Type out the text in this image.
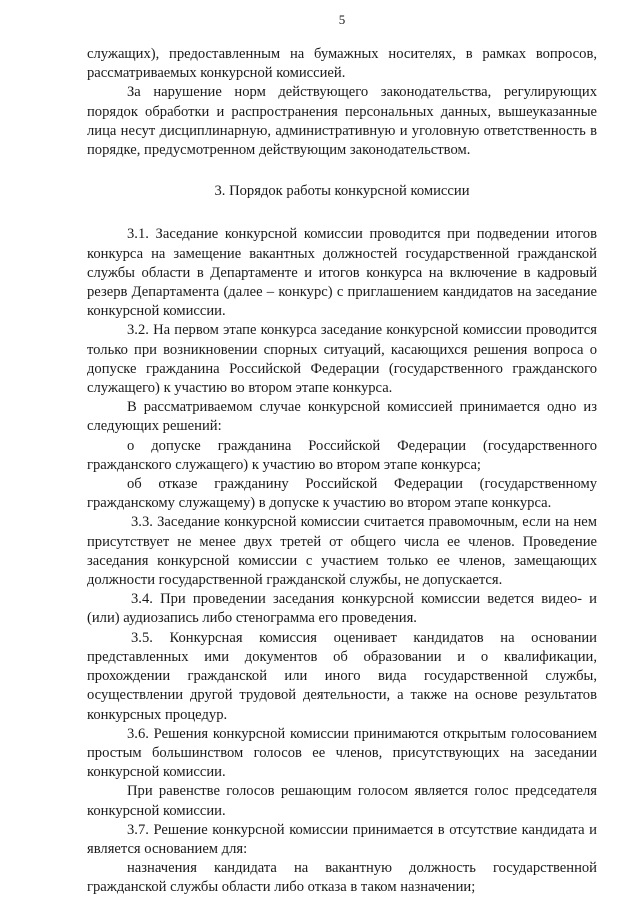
5

служащих), предоставленным на бумажных носителях, в рамках вопросов, рассматриваемых конкурсной комиссией.

За нарушение норм действующего законодательства, регулирующих порядок обработки и распространения персональных данных, вышеуказанные лица несут дисциплинарную, административную и уголовную ответственность в порядке, предусмотренном действующим законодательством.

3. Порядок работы конкурсной комиссии

3.1. Заседание конкурсной комиссии проводится при подведении итогов конкурса на замещение вакантных должностей государственной гражданской службы области в Департаменте и итогов конкурса на включение в кадровый резерв Департамента (далее – конкурс) с приглашением кандидатов на заседание конкурсной комиссии.

3.2. На первом этапе конкурса заседание конкурсной комиссии проводится только при возникновении спорных ситуаций, касающихся решения вопроса о допуске гражданина Российской Федерации (государственного гражданского служащего) к участию во втором этапе конкурса.

В рассматриваемом случае конкурсной комиссией принимается одно из следующих решений:

о допуске гражданина Российской Федерации (государственного гражданского служащего) к участию во втором этапе конкурса;

об отказе гражданину Российской Федерации (государственному гражданскому служащему) в допуске к участию во втором этапе конкурса.

3.3. Заседание конкурсной комиссии считается правомочным, если на нем присутствует не менее двух третей от общего числа ее членов. Проведение заседания конкурсной комиссии с участием только ее членов, замещающих должности государственной гражданской службы, не допускается.

3.4. При проведении заседания конкурсной комиссии ведется видео- и (или) аудиозапись либо стенограмма его проведения.

3.5. Конкурсная комиссия оценивает кандидатов на основании представленных ими документов об образовании и о квалификации, прохождении гражданской или иного вида государственной службы, осуществлении другой трудовой деятельности, а также на основе результатов конкурсных процедур.

3.6. Решения конкурсной комиссии принимаются открытым голосованием простым большинством голосов ее членов, присутствующих на заседании конкурсной комиссии.

При равенстве голосов решающим голосом является голос председателя конкурсной комиссии.

3.7. Решение конкурсной комиссии принимается в отсутствие кандидата и является основанием для:

назначения кандидата на вакантную должность государственной гражданской службы области либо отказа в таком назначении;
